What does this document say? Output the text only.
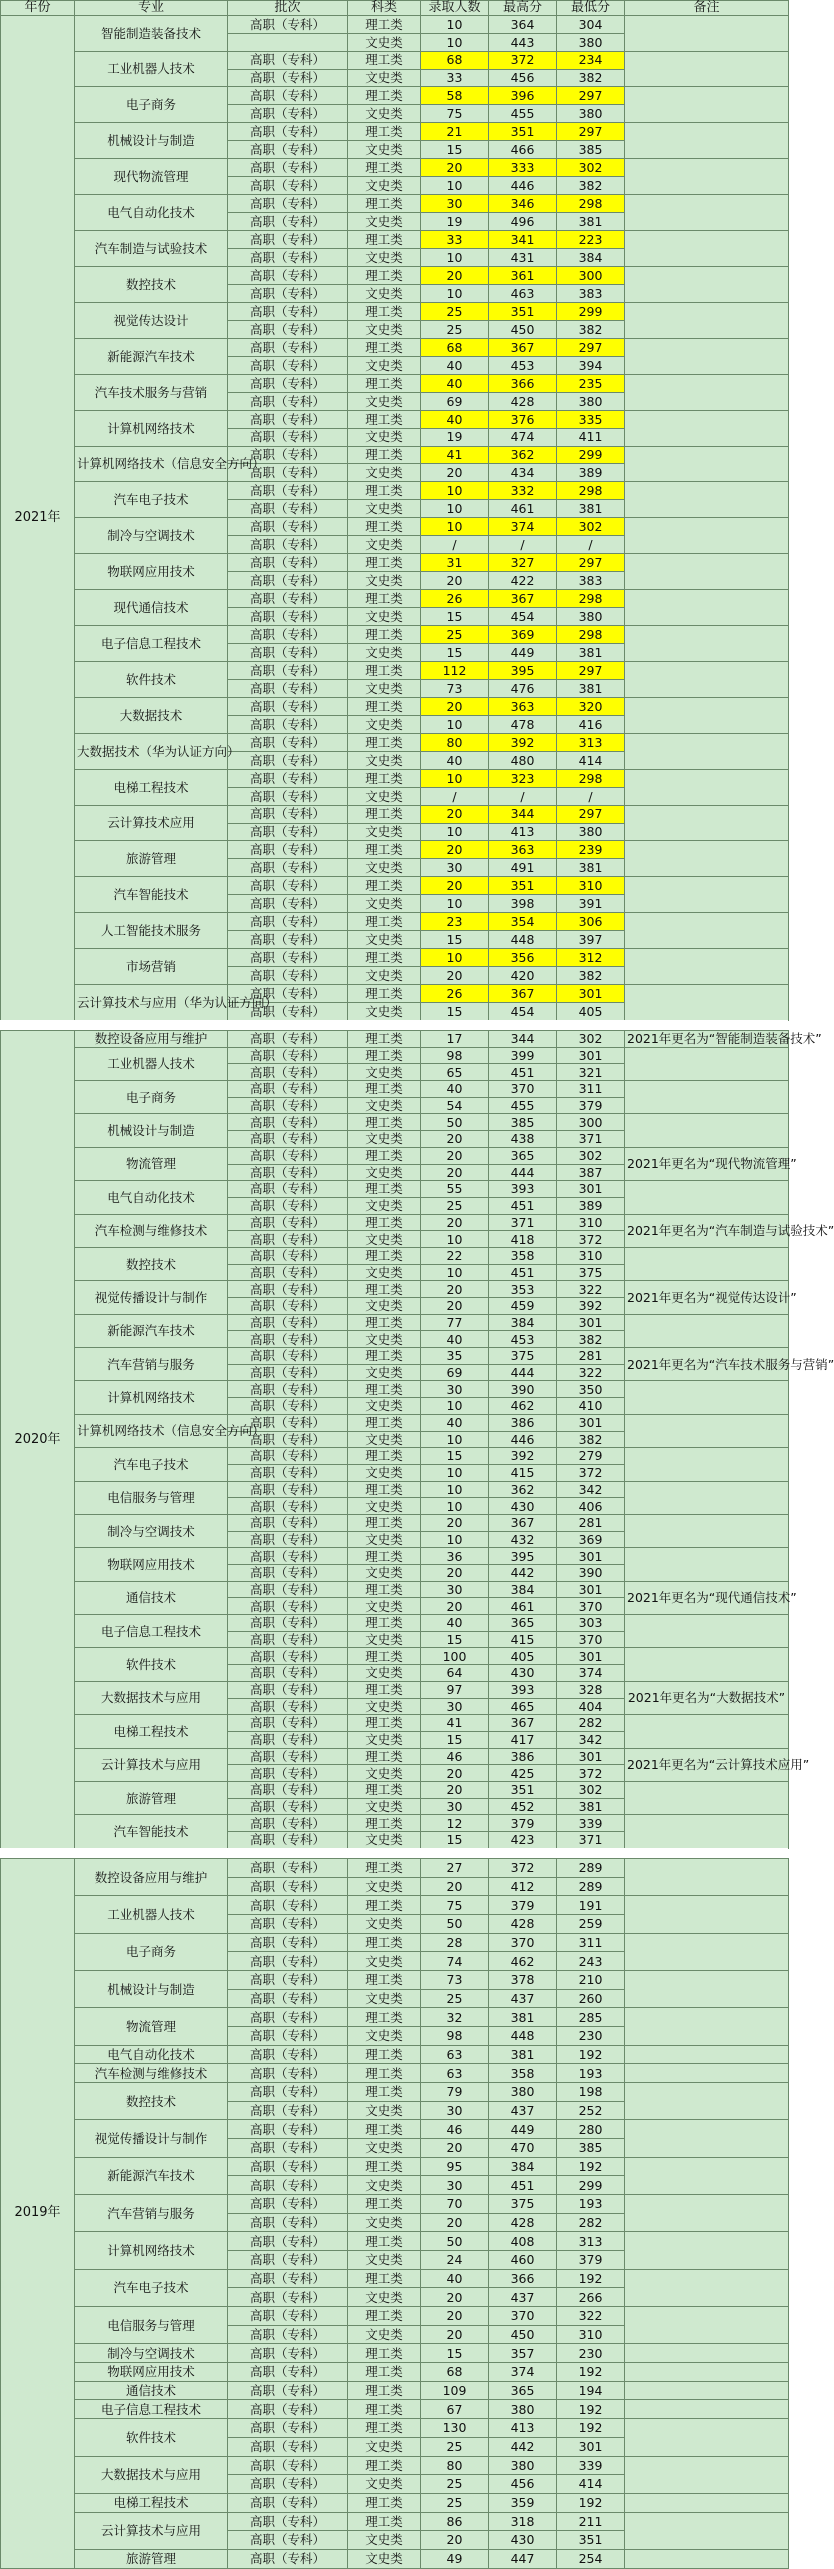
年份	专业	批次	科类	录取人数	最高分	最低分	备注
2021年	智能制造装备技术	高职（专科）	理工类	10	364	304	
			文史类	10	443	380	
	工业机器人技术	高职（专科）	理工类	68	372	234	
		高职（专科）	文史类	33	456	382	
	电子商务	高职（专科）	理工类	58	396	297	
		高职（专科）	文史类	75	455	380	
	机械设计与制造	高职（专科）	理工类	21	351	297	
		高职（专科）	文史类	15	466	385	
	现代物流管理	高职（专科）	理工类	20	333	302	
		高职（专科）	文史类	10	446	382	
	电气自动化技术	高职（专科）	理工类	30	346	298	
		高职（专科）	文史类	19	496	381	
	汽车制造与试验技术	高职（专科）	理工类	33	341	223	
		高职（专科）	文史类	10	431	384	
	数控技术	高职（专科）	理工类	20	361	300	
		高职（专科）	文史类	10	463	383	
	视觉传达设计	高职（专科）	理工类	25	351	299	
		高职（专科）	文史类	25	450	382	
	新能源汽车技术	高职（专科）	理工类	68	367	297	
		高职（专科）	文史类	40	453	394	
	汽车技术服务与营销	高职（专科）	理工类	40	366	235	
		高职（专科）	文史类	69	428	380	
	计算机网络技术	高职（专科）	理工类	40	376	335	
		高职（专科）	文史类	19	474	411	
	计算机网络技术（信息安全方向）	高职（专科）	理工类	41	362	299	
		高职（专科）	文史类	20	434	389	
	汽车电子技术	高职（专科）	理工类	10	332	298	
		高职（专科）	文史类	10	461	381	
	制冷与空调技术	高职（专科）	理工类	10	374	302	
		高职（专科）	文史类	/	/	/	
	物联网应用技术	高职（专科）	理工类	31	327	297	
		高职（专科）	文史类	20	422	383	
	现代通信技术	高职（专科）	理工类	26	367	298	
		高职（专科）	文史类	15	454	380	
	电子信息工程技术	高职（专科）	理工类	25	369	298	
		高职（专科）	文史类	15	449	381	
	软件技术	高职（专科）	理工类	112	395	297	
		高职（专科）	文史类	73	476	381	
	大数据技术	高职（专科）	理工类	20	363	320	
		高职（专科）	文史类	10	478	416	
	大数据技术（华为认证方向）	高职（专科）	理工类	80	392	313	
		高职（专科）	文史类	40	480	414	
	电梯工程技术	高职（专科）	理工类	10	323	298	
		高职（专科）	文史类	/	/	/	
	云计算技术应用	高职（专科）	理工类	20	344	297	
		高职（专科）	文史类	10	413	380	
	旅游管理	高职（专科）	理工类	20	363	239	
		高职（专科）	文史类	30	491	381	
	汽车智能技术	高职（专科）	理工类	20	351	310	
		高职（专科）	文史类	10	398	391	
	人工智能技术服务	高职（专科）	理工类	23	354	306	
		高职（专科）	文史类	15	448	397	
	市场营销	高职（专科）	理工类	10	356	312	
		高职（专科）	文史类	20	420	382	
	云计算技术与应用（华为认证方向）	高职（专科）	理工类	26	367	301	
		高职（专科）	文史类	15	454	405	
2020年	数控设备应用与维护	高职（专科）	理工类	17	344	302	2021年更名为“智能制造装备技术”
	工业机器人技术	高职（专科）	理工类	98	399	301	
		高职（专科）	文史类	65	451	321	
	电子商务	高职（专科）	理工类	40	370	311	
		高职（专科）	文史类	54	455	379	
	机械设计与制造	高职（专科）	理工类	50	385	300	
		高职（专科）	文史类	20	438	371	
	物流管理	高职（专科）	理工类	20	365	302	2021年更名为“现代物流管理”
		高职（专科）	文史类	20	444	387	
	电气自动化技术	高职（专科）	理工类	55	393	301	
		高职（专科）	文史类	25	451	389	
	汽车检测与维修技术	高职（专科）	理工类	20	371	310	2021年更名为“汽车制造与试验技术”
		高职（专科）	文史类	10	418	372	
	数控技术	高职（专科）	理工类	22	358	310	
		高职（专科）	文史类	10	451	375	
	视觉传播设计与制作	高职（专科）	理工类	20	353	322	2021年更名为“视觉传达设计”
		高职（专科）	文史类	20	459	392	
	新能源汽车技术	高职（专科）	理工类	77	384	301	
		高职（专科）	文史类	40	453	382	
	汽车营销与服务	高职（专科）	理工类	35	375	281	2021年更名为“汽车技术服务与营销”
		高职（专科）	文史类	69	444	322	
	计算机网络技术	高职（专科）	理工类	30	390	350	
		高职（专科）	文史类	10	462	410	
	计算机网络技术（信息安全方向）	高职（专科）	理工类	40	386	301	
		高职（专科）	文史类	10	446	382	
	汽车电子技术	高职（专科）	理工类	15	392	279	
		高职（专科）	文史类	10	415	372	
	电信服务与管理	高职（专科）	理工类	10	362	342	
		高职（专科）	文史类	10	430	406	
	制冷与空调技术	高职（专科）	理工类	20	367	281	
		高职（专科）	文史类	10	432	369	
	物联网应用技术	高职（专科）	理工类	36	395	301	
		高职（专科）	文史类	20	442	390	
	通信技术	高职（专科）	理工类	30	384	301	2021年更名为“现代通信技术”
		高职（专科）	文史类	20	461	370	
	电子信息工程技术	高职（专科）	理工类	40	365	303	
		高职（专科）	文史类	15	415	370	
	软件技术	高职（专科）	理工类	100	405	301	
		高职（专科）	文史类	64	430	374	
	大数据技术与应用	高职（专科）	理工类	97	393	328	2021年更名为“大数据技术”
		高职（专科）	文史类	30	465	404	
	电梯工程技术	高职（专科）	理工类	41	367	282	
		高职（专科）	文史类	15	417	342	
	云计算技术与应用	高职（专科）	理工类	46	386	301	2021年更名为“云计算技术应用”
		高职（专科）	文史类	20	425	372	
	旅游管理	高职（专科）	理工类	20	351	302	
		高职（专科）	文史类	30	452	381	
	汽车智能技术	高职（专科）	理工类	12	379	339	
		高职（专科）	文史类	15	423	371	
2019年	数控设备应用与维护	高职（专科）	理工类	27	372	289	
		高职（专科）	文史类	20	412	289	
	工业机器人技术	高职（专科）	理工类	75	379	191	
		高职（专科）	文史类	50	428	259	
	电子商务	高职（专科）	理工类	28	370	311	
		高职（专科）	文史类	74	462	243	
	机械设计与制造	高职（专科）	理工类	73	378	210	
		高职（专科）	文史类	25	437	260	
	物流管理	高职（专科）	理工类	32	381	285	
		高职（专科）	文史类	98	448	230	
	电气自动化技术	高职（专科）	理工类	63	381	192	
	汽车检测与维修技术	高职（专科）	理工类	63	358	193	
	数控技术	高职（专科）	理工类	79	380	198	
		高职（专科）	文史类	30	437	252	
	视觉传播设计与制作	高职（专科）	理工类	46	449	280	
		高职（专科）	文史类	20	470	385	
	新能源汽车技术	高职（专科）	理工类	95	384	192	
		高职（专科）	文史类	30	451	299	
	汽车营销与服务	高职（专科）	理工类	70	375	193	
		高职（专科）	文史类	20	428	282	
	计算机网络技术	高职（专科）	理工类	50	408	313	
		高职（专科）	文史类	24	460	379	
	汽车电子技术	高职（专科）	理工类	40	366	192	
		高职（专科）	文史类	20	437	266	
	电信服务与管理	高职（专科）	理工类	20	370	322	
		高职（专科）	文史类	20	450	310	
	制冷与空调技术	高职（专科）	理工类	15	357	230	
	物联网应用技术	高职（专科）	理工类	68	374	192	
	通信技术	高职（专科）	理工类	109	365	194	
	电子信息工程技术	高职（专科）	理工类	67	380	192	
	软件技术	高职（专科）	理工类	130	413	192	
		高职（专科）	文史类	25	442	301	
	大数据技术与应用	高职（专科）	理工类	80	380	339	
		高职（专科）	文史类	25	456	414	
	电梯工程技术	高职（专科）	理工类	25	359	192	
	云计算技术与应用	高职（专科）	理工类	86	318	211	
		高职（专科）	文史类	20	430	351	
	旅游管理	高职（专科）	文史类	49	447	254	
